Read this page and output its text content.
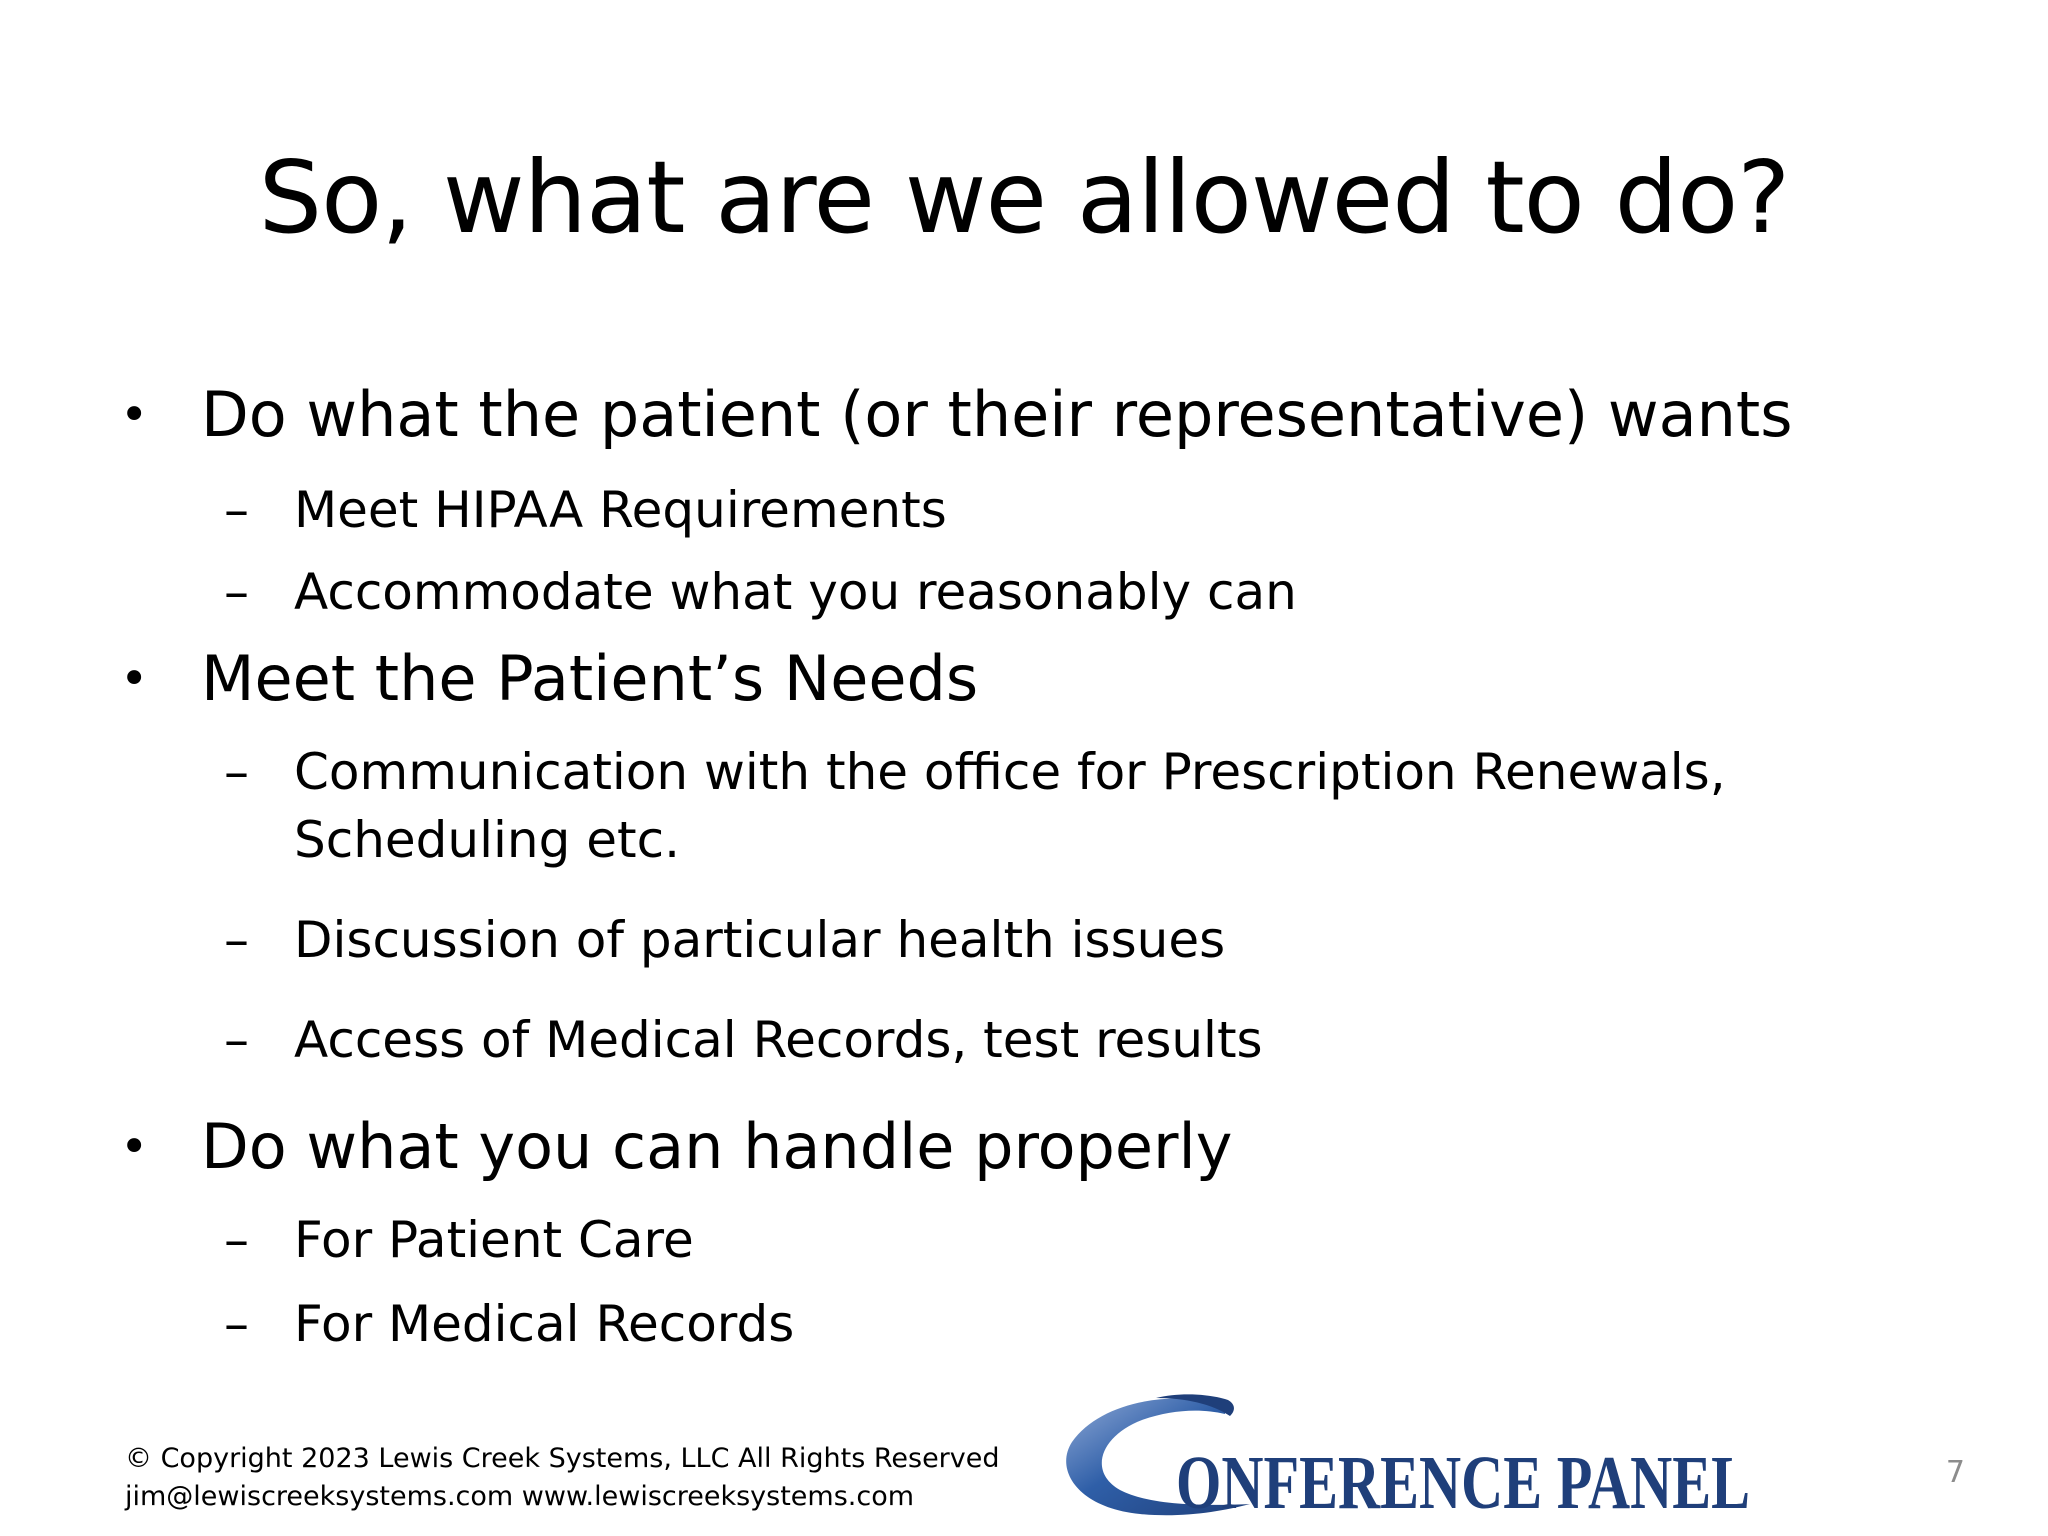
So, what are we allowed to do?
• Do what the patient (or their representative) wants
– Meet HIPAA Requirements
– Accommodate what you reasonably can
• Meet the Patient’s Needs
– Communication with the office for Prescription Renewals, Scheduling etc.
– Discussion of particular health issues
– Access of Medical Records, test results
• Do what you can handle properly
– For Patient Care
– For Medical Records
© Copyright 2023 Lewis Creek Systems, LLC All Rights Reserved
jim@lewiscreeksystems.com www.lewiscreeksystems.com	ONFERENCE PANEL	7
